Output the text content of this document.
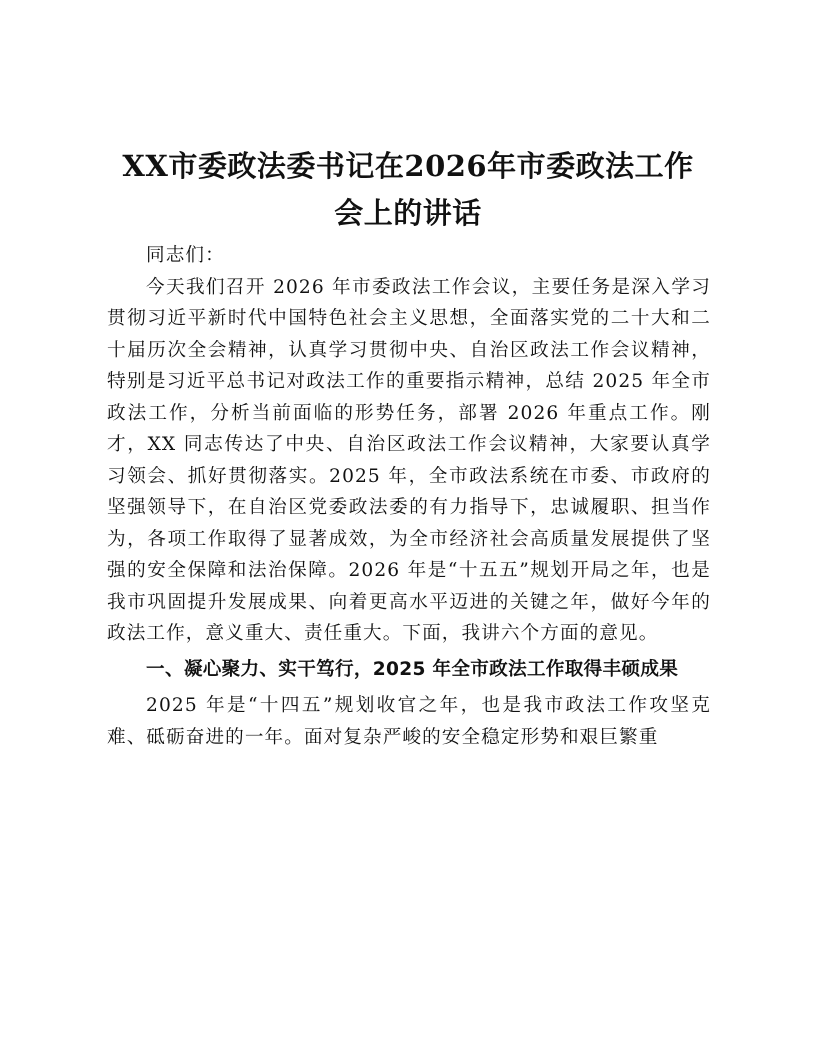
XX市委政法委书记在2026年市委政法工作会上的讲话

同志们：

今天我们召开 2026 年市委政法工作会议，主要任务是深入学习贯彻习近平新时代中国特色社会主义思想，全面落实党的二十大和二十届历次全会精神，认真学习贯彻中央、自治区政法工作会议精神，特别是习近平总书记对政法工作的重要指示精神，总结 2025 年全市政法工作，分析当前面临的形势任务，部署 2026 年重点工作。刚才，XX 同志传达了中央、自治区政法工作会议精神，大家要认真学习领会、抓好贯彻落实。2025 年，全市政法系统在市委、市政府的坚强领导下，在自治区党委政法委的有力指导下，忠诚履职、担当作为，各项工作取得了显著成效，为全市经济社会高质量发展提供了坚强的安全保障和法治保障。2026 年是“十五五”规划开局之年，也是我市巩固提升发展成果、向着更高水平迈进的关键之年，做好今年的政法工作，意义重大、责任重大。下面，我讲六个方面的意见。

一、凝心聚力、实干笃行，2025 年全市政法工作取得丰硕成果

2025 年是“十四五”规划收官之年，也是我市政法工作攻坚克难、砥砺奋进的一年。面对复杂严峻的安全稳定形势和艰巨繁重
